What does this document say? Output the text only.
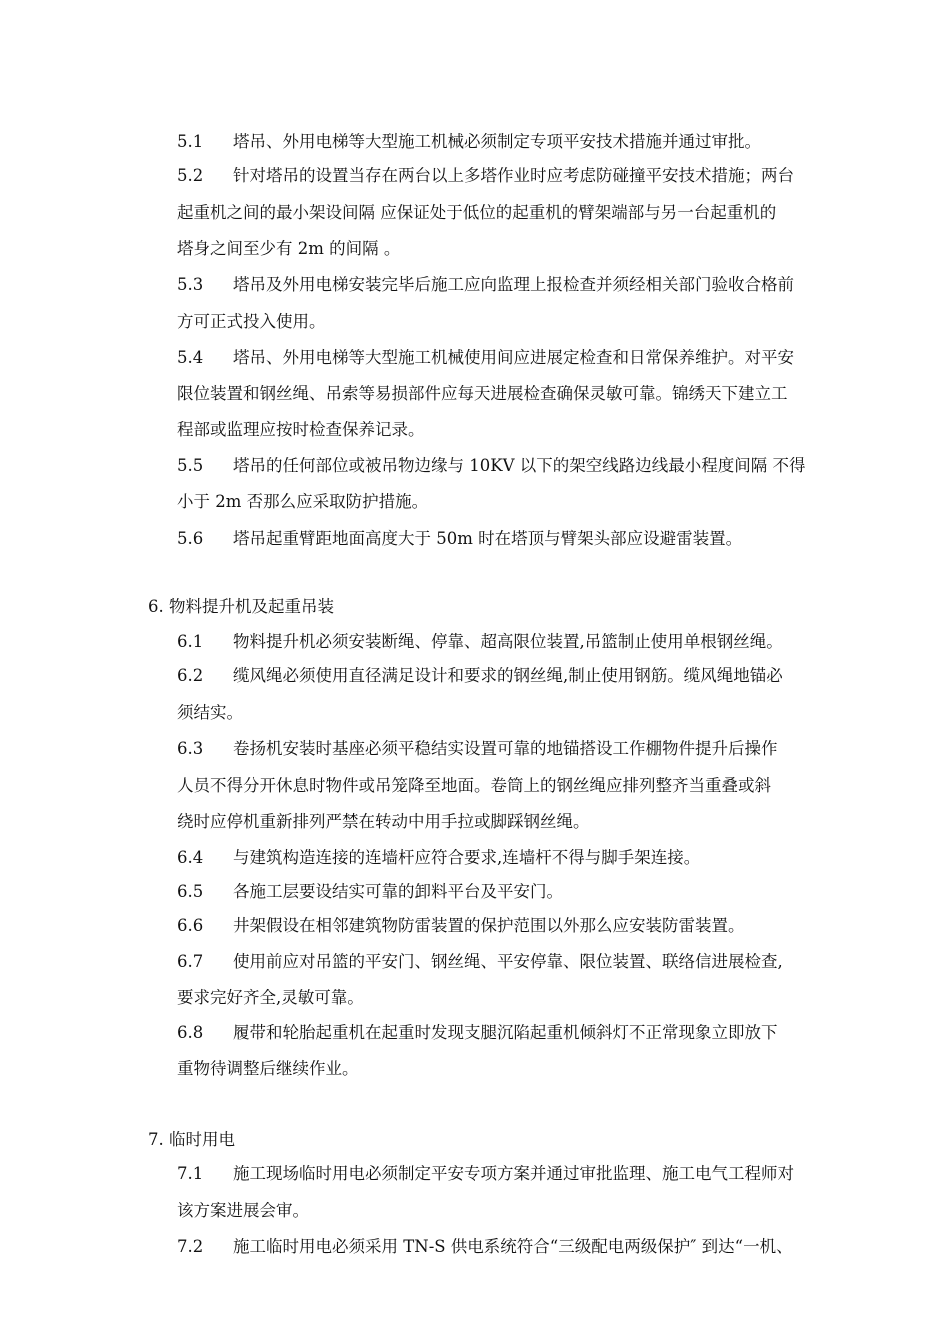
5.1 塔吊、外用电梯等大型施工机械必须制定专项平安技术措施并通过审批。
5.2 针对塔吊的设置当存在两台以上多塔作业时应考虑防碰撞平安技术措施；两台
起重机之间的最小架设间隔 应保证处于低位的起重机的臂架端部与另一台起重机的
塔身之间至少有 2m 的间隔 。
5.3 塔吊及外用电梯安装完毕后施工应向监理上报检查并须经相关部门验收合格前
方可正式投入使用。
5.4 塔吊、外用电梯等大型施工机械使用间应进展定检查和日常保养维护。对平安
限位装置和钢丝绳、吊索等易损部件应每天进展检查确保灵敏可靠。锦绣天下建立工
程部或监理应按时检查保养记录。
5.5 塔吊的任何部位或被吊物边缘与 10KV 以下的架空线路边线最小程度间隔 不得
小于 2m 否那么应采取防护措施。
5.6 塔吊起重臂距地面高度大于 50m 时在塔顶与臂架头部应设避雷装置。
6. 物料提升机及起重吊装
6.1 物料提升机必须安装断绳、停靠、超高限位装置,吊篮制止使用单根钢丝绳。
6.2 缆风绳必须使用直径满足设计和要求的钢丝绳,制止使用钢筋。缆风绳地锚必
须结实。
6.3 卷扬机安装时基座必须平稳结实设置可靠的地锚搭设工作棚物件提升后操作
人员不得分开休息时物件或吊笼降至地面。卷筒上的钢丝绳应排列整齐当重叠或斜
绕时应停机重新排列严禁在转动中用手拉或脚踩钢丝绳。
6.4 与建筑构造连接的连墙杆应符合要求,连墙杆不得与脚手架连接。
6.5 各施工层要设结实可靠的卸料平台及平安门。
6.6 井架假设在相邻建筑物防雷装置的保护范围以外那么应安装防雷装置。
6.7 使用前应对吊篮的平安门、钢丝绳、平安停靠、限位装置、联络信进展检查,
要求完好齐全,灵敏可靠。
6.8 履带和轮胎起重机在起重时发现支腿沉陷起重机倾斜灯不正常现象立即放下
重物待调整后继续作业。
7. 临时用电
7.1 施工现场临时用电必须制定平安专项方案并通过审批监理、施工电气工程师对
该方案进展会审。
7.2 施工临时用电必须采用 TN-S 供电系统符合“三级配电两级保护″ 到达“一机、
